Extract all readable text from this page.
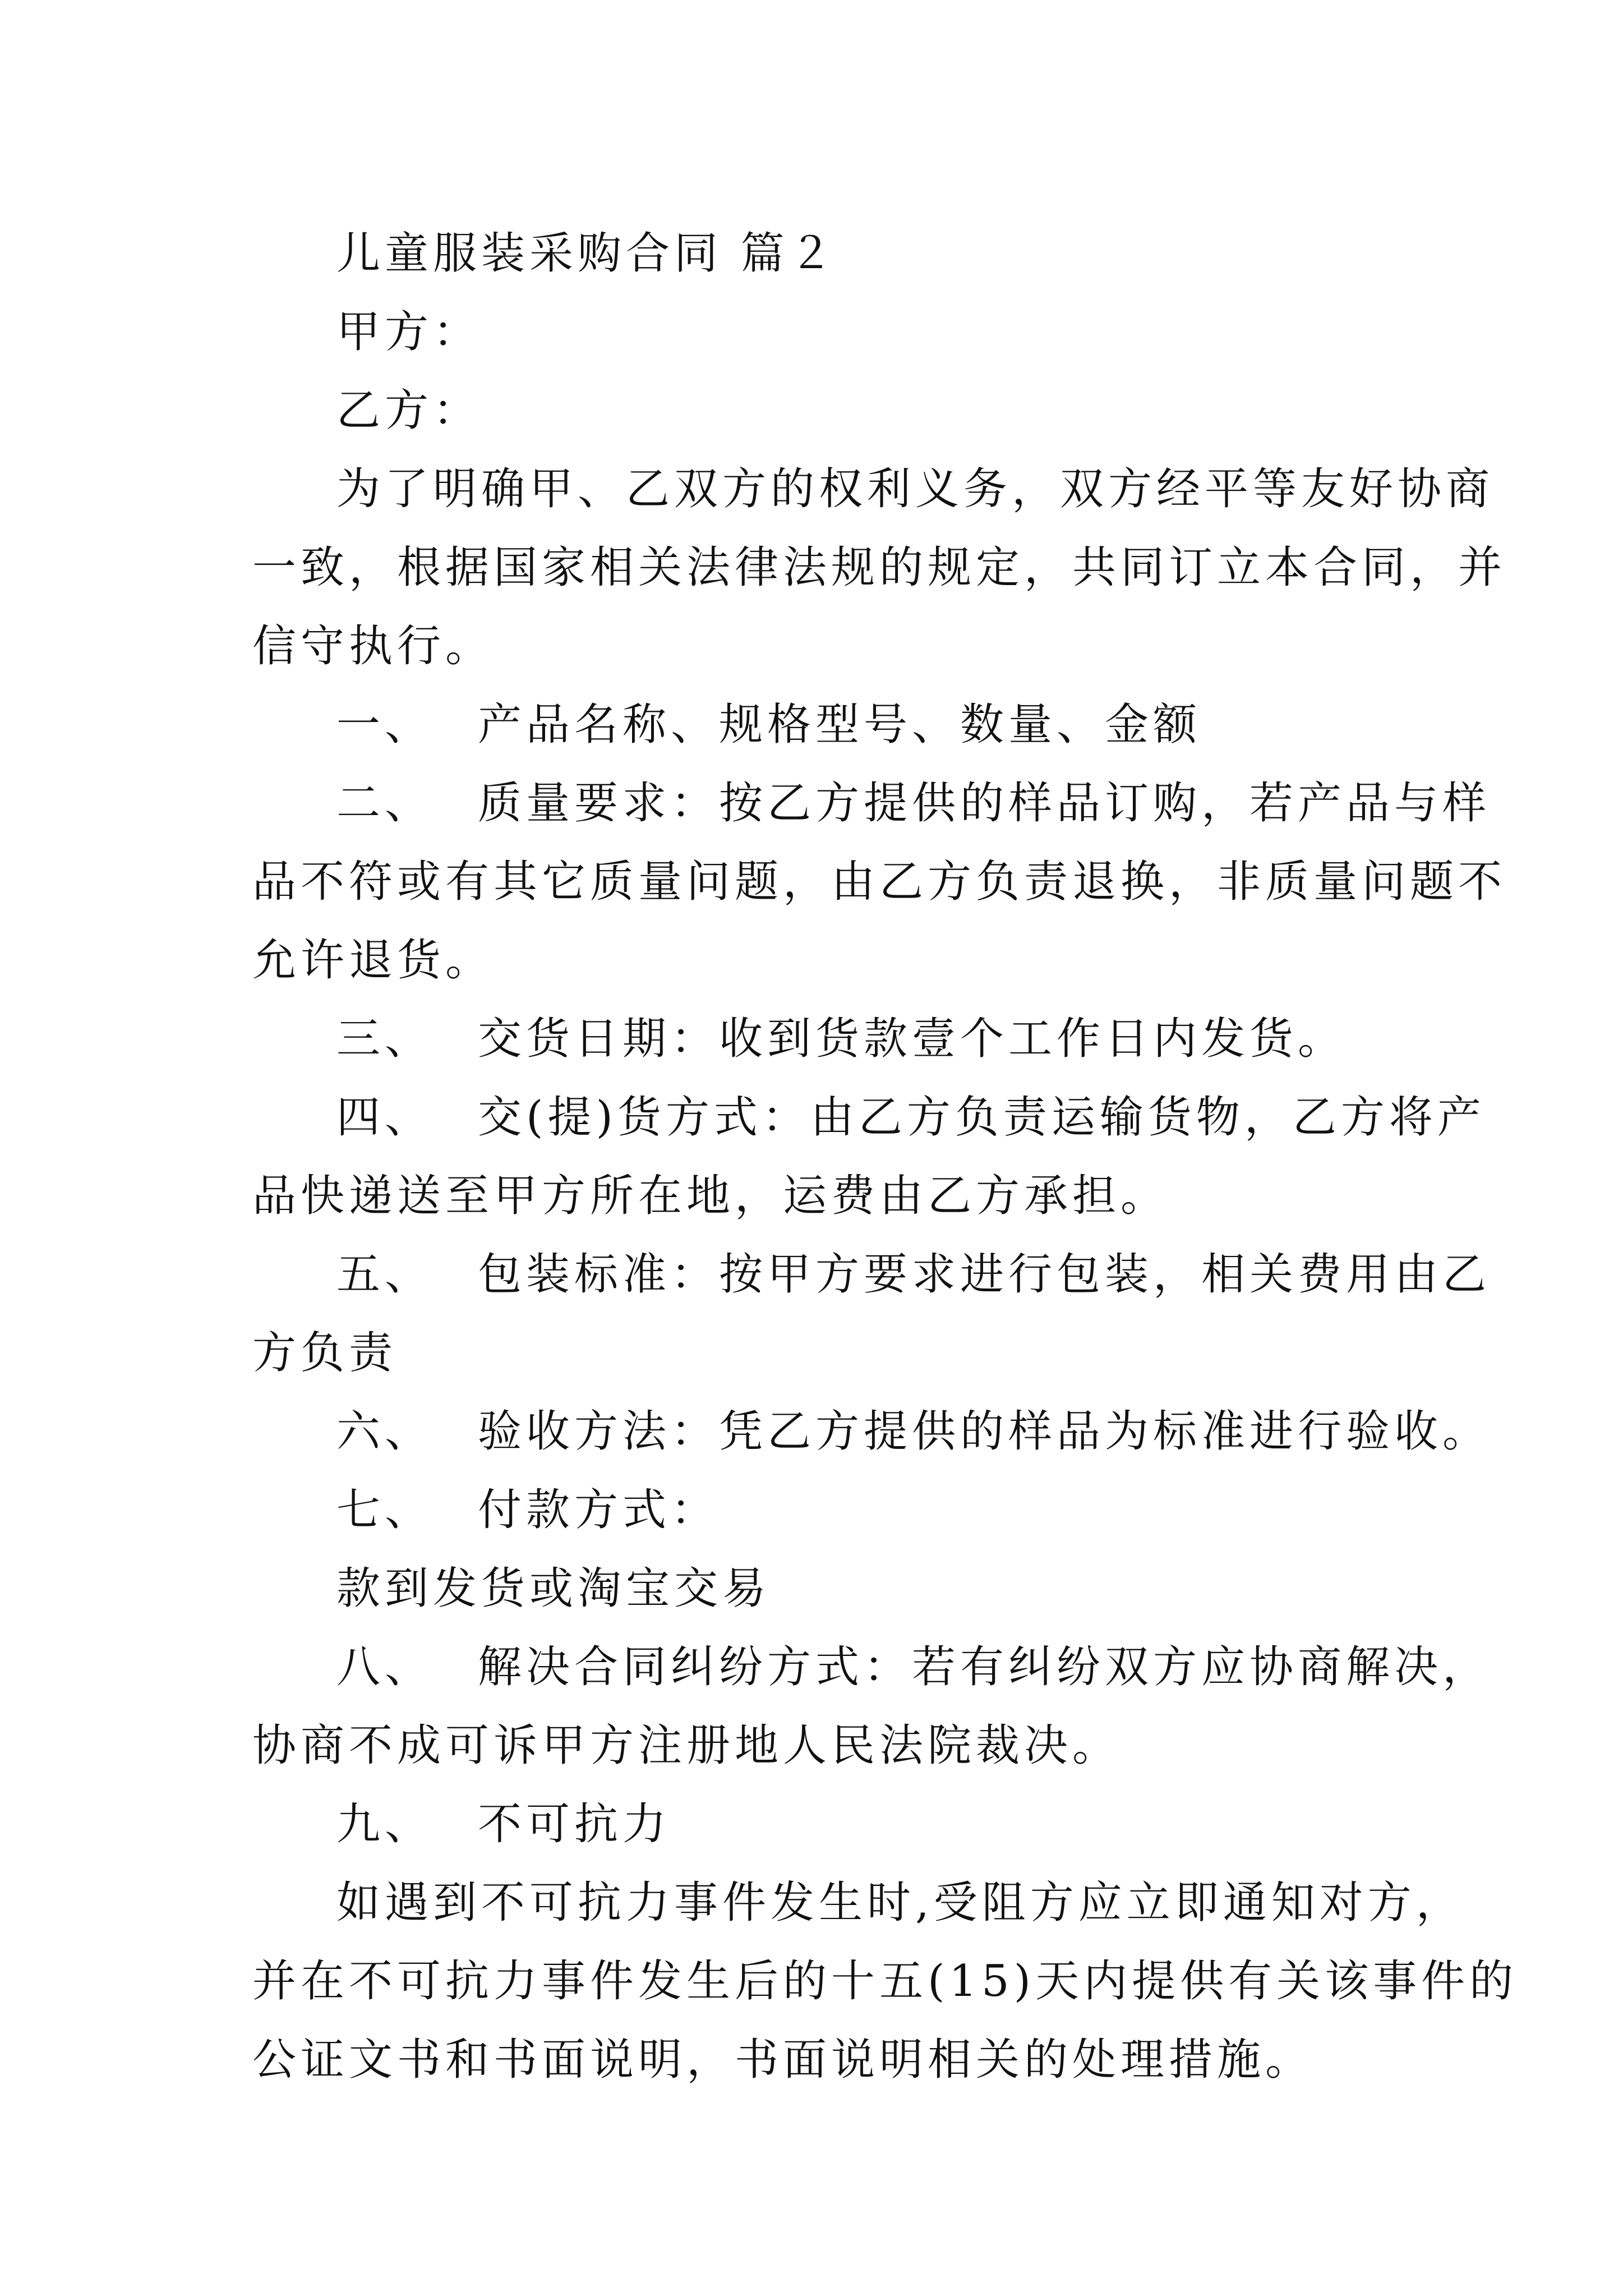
儿童服装采购合同 篇２

甲方：

乙方：

为了明确甲、乙双方的权利义务，双方经平等友好协商

一致，根据国家相关法律法规的规定，共同订立本合同，并

信守执行。

一、 产品名称、规格型号、数量、金额

二、 质量要求：按乙方提供的样品订购，若产品与样

品不符或有其它质量问题，由乙方负责退换，非质量问题不

允许退货。

三、 交货日期：收到货款壹个工作日内发货。

四、 交(提)货方式：由乙方负责运输货物，乙方将产

品快递送至甲方所在地，运费由乙方承担。

五、 包装标准：按甲方要求进行包装，相关费用由乙

方负责

六、 验收方法：凭乙方提供的样品为标准进行验收。

七、 付款方式：

款到发货或淘宝交易

八、 解决合同纠纷方式：若有纠纷双方应协商解决，

协商不成可诉甲方注册地人民法院裁决。

九、 不可抗力

如遇到不可抗力事件发生时,受阻方应立即通知对方，

并在不可抗力事件发生后的十五(15)天内提供有关该事件的

公证文书和书面说明，书面说明相关的处理措施。
